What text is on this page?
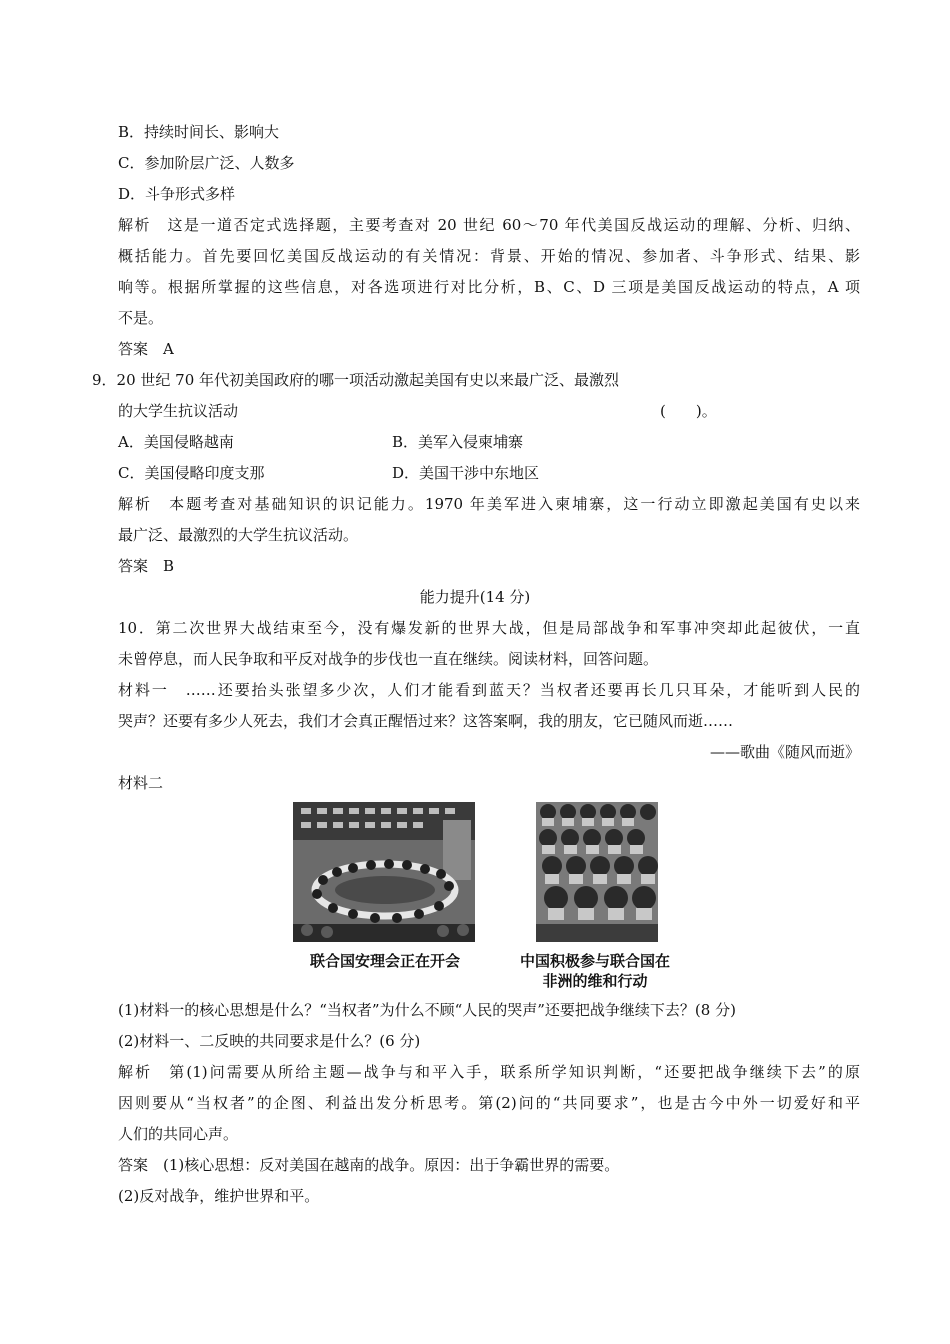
B．持续时间长、影响大
C．参加阶层广泛、人数多
D．斗争形式多样
解析　这是一道否定式选择题，主要考查对 20 世纪 60～70 年代美国反战运动的理解、分析、归纳、
概括能力。首先要回忆美国反战运动的有关情况：背景、开始的情况、参加者、斗争形式、结果、影
响等。根据所掌握的这些信息，对各选项进行对比分析，B、C、D 三项是美国反战运动的特点，A 项
不是。
答案　A
9．20 世纪 70 年代初美国政府的哪一项活动激起美国有史以来最广泛、最激烈
的大学生抗议活动	(　　)。
A．美国侵略越南	B．美军入侵柬埔寨
C．美国侵略印度支那	D．美国干涉中东地区
解析　本题考查对基础知识的识记能力。1970 年美军进入柬埔寨，这一行动立即激起美国有史以来
最广泛、最激烈的大学生抗议活动。
答案　B
能力提升(14 分)
10．第二次世界大战结束至今，没有爆发新的世界大战，但是局部战争和军事冲突却此起彼伏，一直
未曾停息，而人民争取和平反对战争的步伐也一直在继续。阅读材料，回答问题。
材料一　……还要抬头张望多少次，人们才能看到蓝天？当权者还要再长几只耳朵，才能听到人民的
哭声？还要有多少人死去，我们才会真正醒悟过来？这答案啊，我的朋友，它已随风而逝……
——歌曲《随风而逝》
材料二
联合国安理会正在开会	中国积极参与联合国在
非洲的维和行动
(1)材料一的核心思想是什么？“当权者”为什么不顾“人民的哭声”还要把战争继续下去？(8 分)
(2)材料一、二反映的共同要求是什么？(6 分)
解析　第(1)问需要从所给主题—战争与和平入手，联系所学知识判断，“还要把战争继续下去”的原
因则要从“当权者”的企图、利益出发分析思考。第(2)问的“共同要求”，也是古今中外一切爱好和平
人们的共同心声。
答案　(1)核心思想：反对美国在越南的战争。原因：出于争霸世界的需要。
(2)反对战争，维护世界和平。
